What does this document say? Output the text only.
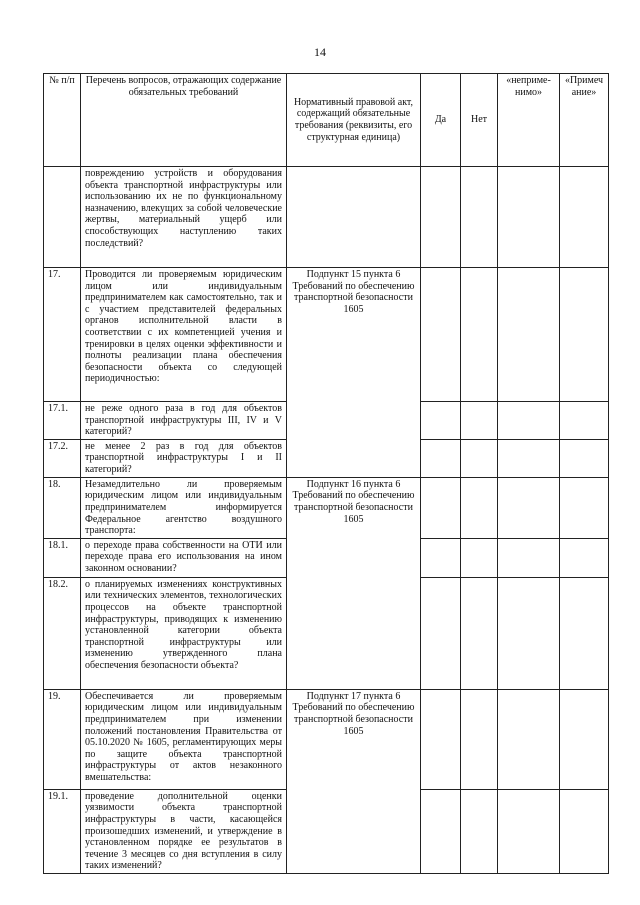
14
№ п/п	Перечень вопросов, отражающих содержание обязательных требований	Нормативный правовой акт, содержащий обязательные требования (реквизиты, его структурная единица)	Да	Нет	«непримe-нимо»	«Примеч ание»
	повреждению устройств и оборудования объекта транспортной инфраструктуры или использованию их не по функциональному назначению, влекущих за собой человеческие жертвы, материальный ущерб или способствующих наступлению таких последствий?					
17.	Проводится ли проверяемым юридическим лицом или индивидуальным предпринимателем как самостоятельно, так и с участием представителей федеральных органов исполнительной власти в соответствии с их компетенцией учения и тренировки в целях оценки эффективности и полноты реализации плана обеспечения безопасности объекта со следующей периодичностью:	Подпункт 15 пункта 6 Требований по обеспечению транспортной безопасности 1605				
17.1.	не реже одного раза в год для объектов транспортной инфраструктуры III, IV и V категорий?					
17.2.	не менее 2 раз в год для объектов транспортной инфраструктуры I и II категорий?					
18.	Незамедлительно ли проверяемым юридическим лицом или индивидуальным предпринимателем информируется Федеральное агентство воздушного транспорта:	Подпункт 16 пункта 6 Требований по обеспечению транспортной безопасности 1605				
18.1.	о переходе права собственности на ОТИ или переходе права его использования на ином законном основании?					
18.2.	о планируемых изменениях конструктивных или технических элементов, технологических процессов на объекте транспортной инфраструктуры, приводящих к изменению установленной категории объекта транспортной инфраструктуры или изменению утвержденного плана обеспечения безопасности объекта?					
19.	Обеспечивается ли проверяемым юридическим лицом или индивидуальным предпринимателем при изменении положений постановления Правительства от 05.10.2020 № 1605, регламентирующих меры по защите объекта транспортной инфраструктуры от актов незаконного вмешательства:	Подпункт 17 пункта 6 Требований по обеспечению транспортной безопасности 1605				
19.1.	проведение дополнительной оценки уязвимости объекта транспортной инфраструктуры в части, касающейся произошедших изменений, и утверждение в установленном порядке ее результатов в течение 3 месяцев со дня вступления в силу таких изменений?					
